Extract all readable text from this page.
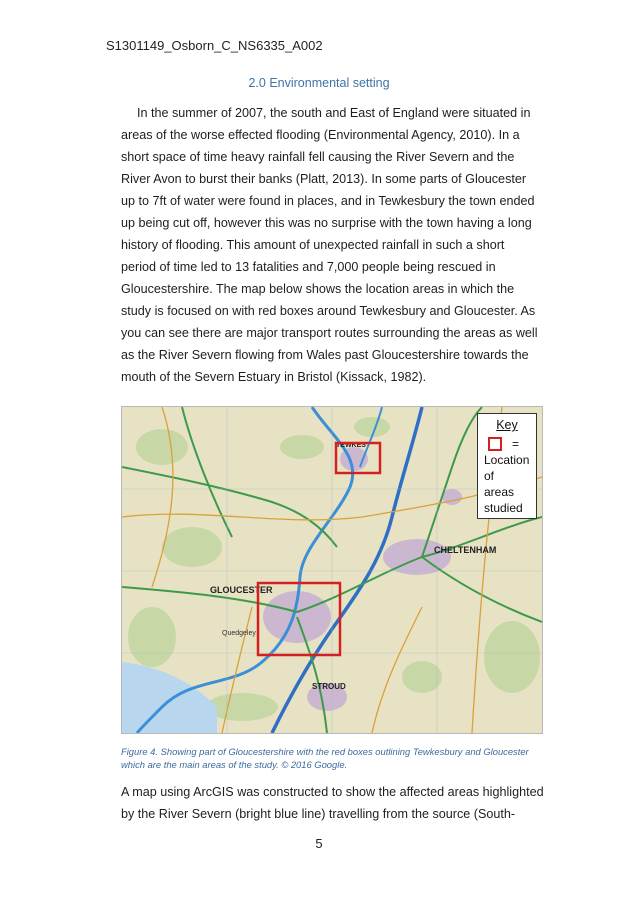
S1301149_Osborn_C_NS6335_A002
2.0 Environmental setting

In the summer of 2007, the south and East of England were situated in areas of the worse effected flooding (Environmental Agency, 2010). In a short space of time heavy rainfall fell causing the River Severn and the River Avon to burst their banks (Platt, 2013). In some parts of Gloucester up to 7ft of water were found in places, and in Tewkesbury the town ended up being cut off, however this was no surprise with the town having a long history of flooding. This amount of unexpected rainfall in such a short period of time led to 13 fatalities and 7,000 people being rescued in Gloucestershire. The map below shows the location areas in which the study is focused on with red boxes around Tewkesbury and Gloucester. As you can see there are major transport routes surrounding the areas as well as the River Severn flowing from Wales past Gloucestershire towards the mouth of the Severn Estuary in Bristol (Kissack, 1982).

GLOUCESTER
CHELTENHAM
STROUD
Quedgeley
TEWKES
Key
=
Location of
areas
studied
Figure 4. Showing part of Gloucestershire with the red boxes outlining Tewkesbury and Gloucester which are the main areas of the study. © 2016 Google.

A map using ArcGIS was constructed to show the affected areas highlighted by the River Severn (bright blue line) travelling from the source (South-

5
